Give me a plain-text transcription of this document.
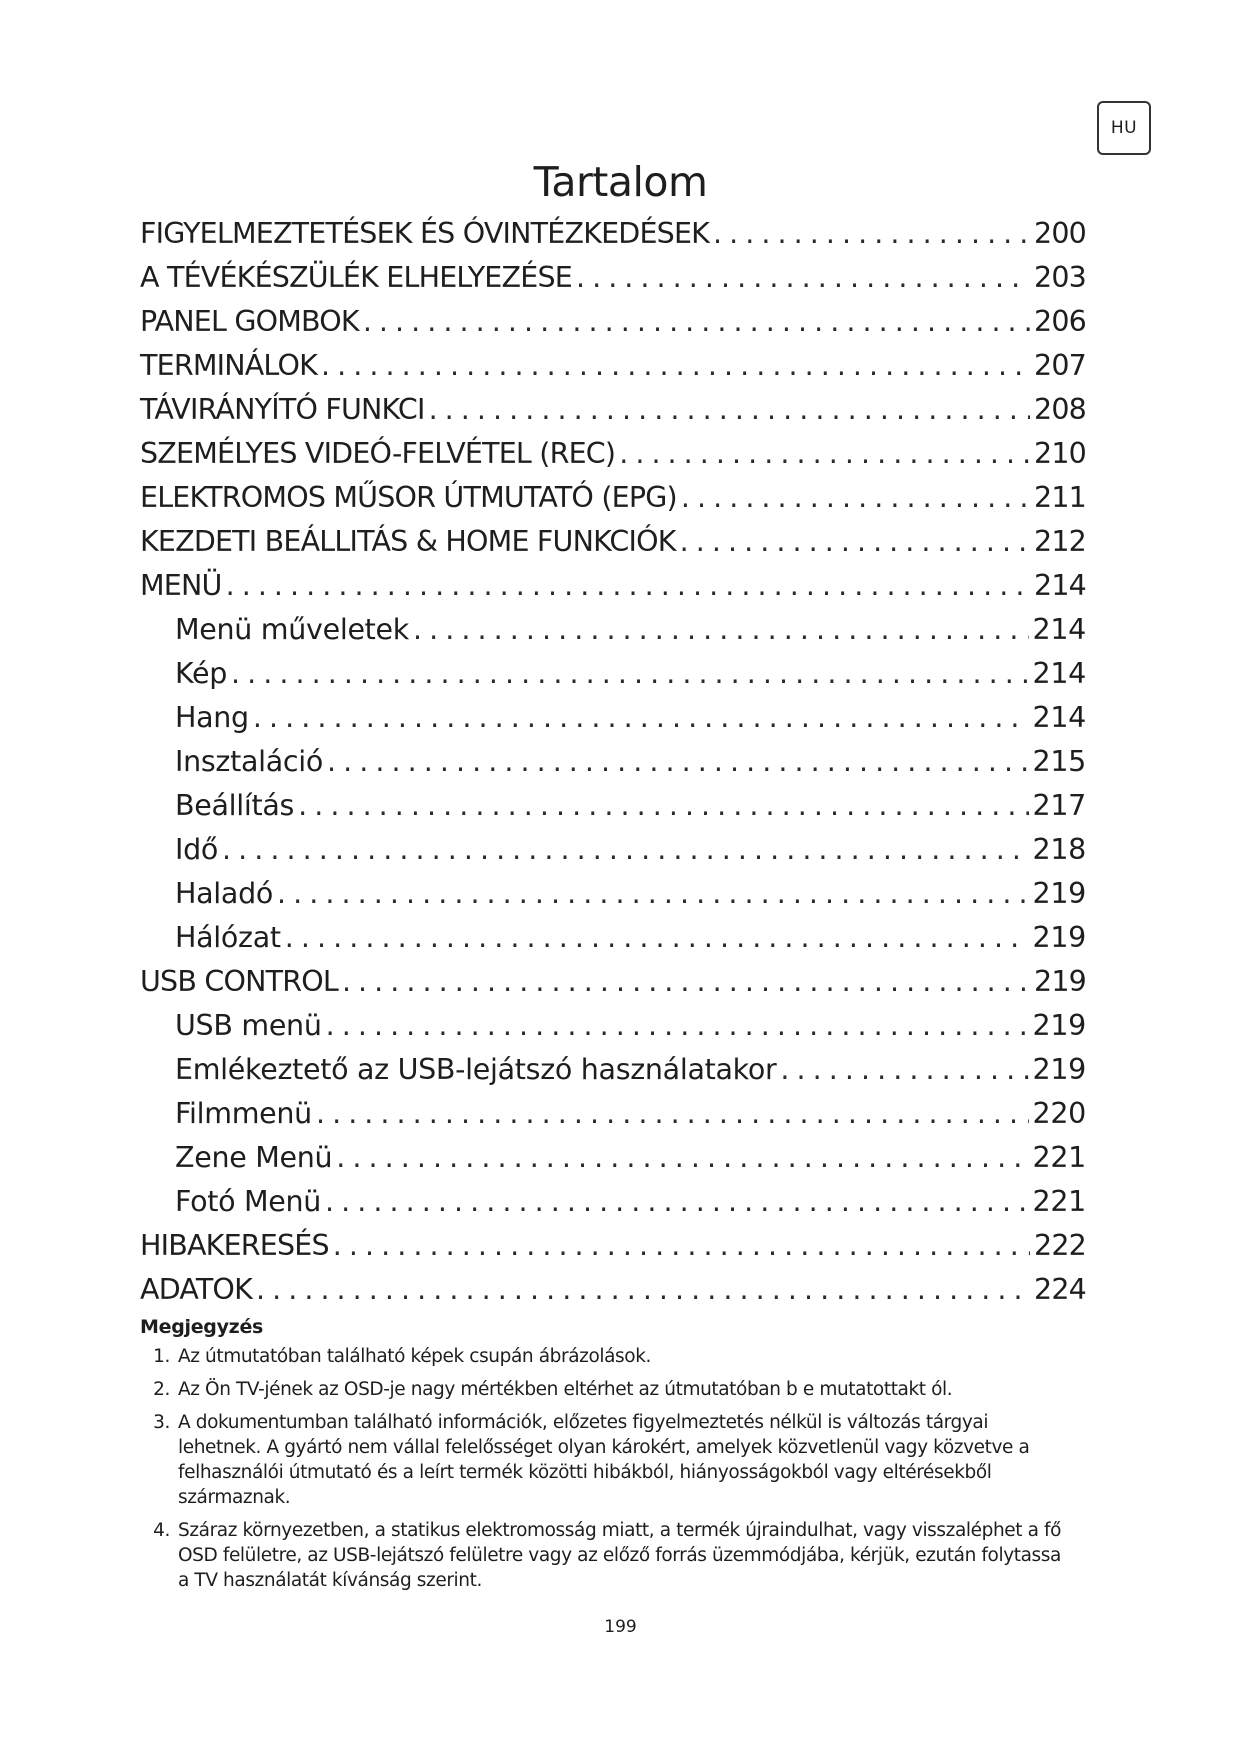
HU
Tartalom
FIGYELMEZTETÉSEK ÉS ÓVINTÉZKEDÉSEK . . .	200
A TÉVÉKÉSZÜLÉK ELHELYEZÉSE . . .	203
PANEL GOMBOK . . .	206
TERMINÁLOK . . .	207
TÁVIRÁNYÍTÓ FUNKCI . . .	208
SZEMÉLYES VIDEÓ-FELVÉTEL (REC) . . .	210
ELEKTROMOS MŰSOR ÚTMUTATÓ (EPG) . . .	211
KEZDETI BEÁLLITÁS & HOME FUNKCIÓK . . .	212
MENÜ . . .	214
Menü műveletek . . .	214
Kép . . .	214
Hang . . .	214
Insztaláció . . .	215
Beállítás . . .	217
Idő . . .	218
Haladó . . .	219
Hálózat . . .	219
USB CONTROL . . .	219
USB menü . . .	219
Emlékeztető az USB-lejátszó használatakor . . .	219
Filmmenü . . .	220
Zene Menü . . .	221
Fotó Menü . . .	221
HIBAKERESÉS . . .	222
ADATOK . . .	224
Megjegyzés
1. Az útmutatóban található képek csupán ábrázolások.
2. Az Ön TV-jének az OSD-je nagy mértékben eltérhet az útmutatóban b e mutatottakt ól.
3. A dokumentumban található információk, előzetes figyelmeztetés nélkül is változás tárgyai lehetnek. A gyártó nem vállal felelősséget olyan károkért, amelyek közvetlenül vagy közvetve a felhasználói útmutató és a leírt termék közötti hibákból, hiányosságokból vagy eltérésekből származnak.
4. Száraz környezetben, a statikus elektromosság miatt, a termék újraindulhat, vagy visszaléphet a fő OSD felületre, az USB-lejátszó felületre vagy az előző forrás üzemmódjába, kérjük, ezután folytassa a TV használatát kívánság szerint.
199
